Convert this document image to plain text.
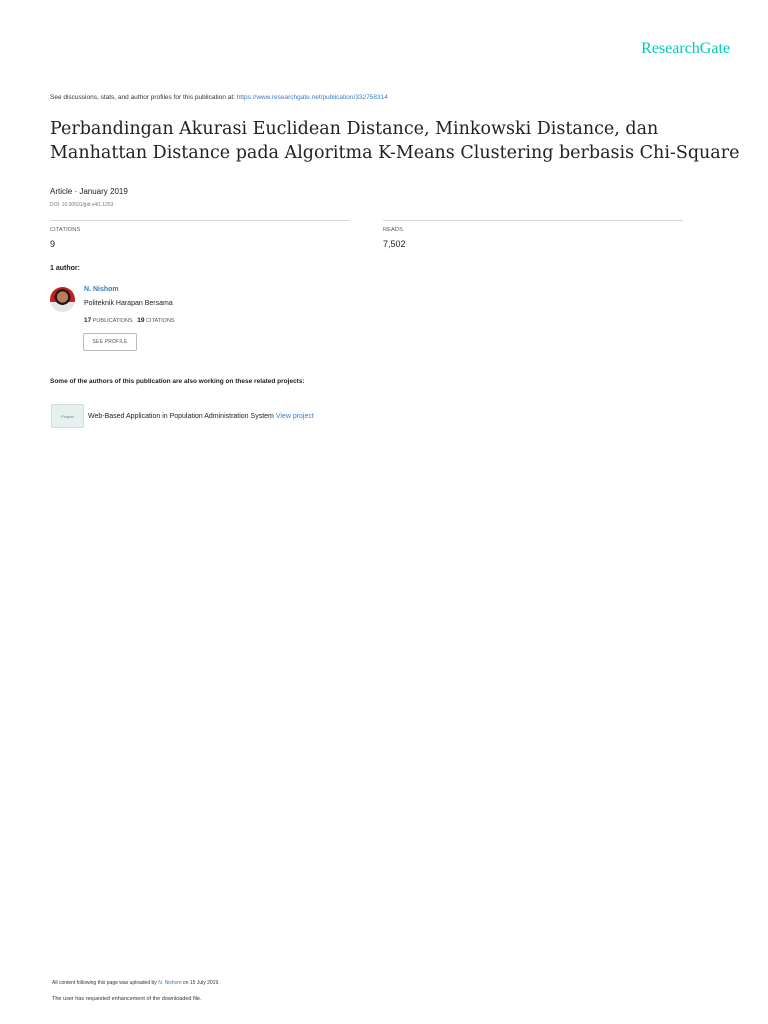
ResearchGate
See discussions, stats, and author profiles for this publication at: https://www.researchgate.net/publication/332758314
Perbandingan Akurasi Euclidean Distance, Minkowski Distance, dan Manhattan Distance pada Algoritma K-Means Clustering berbasis Chi-Square
Article · January 2019
DOI: 10.30591/jpit.v4i1.1253
CITATIONS
9
READS
7,502
1 author:
N. Nishom
Politeknik Harapan Bersama
17 PUBLICATIONS 19 CITATIONS
SEE PROFILE
Some of the authors of this publication are also working on these related projects:
Project	Web-Based Application in Population Administration System View project
All content following this page was uploaded by N. Nishom on 15 July 2019.
The user has requested enhancement of the downloaded file.
